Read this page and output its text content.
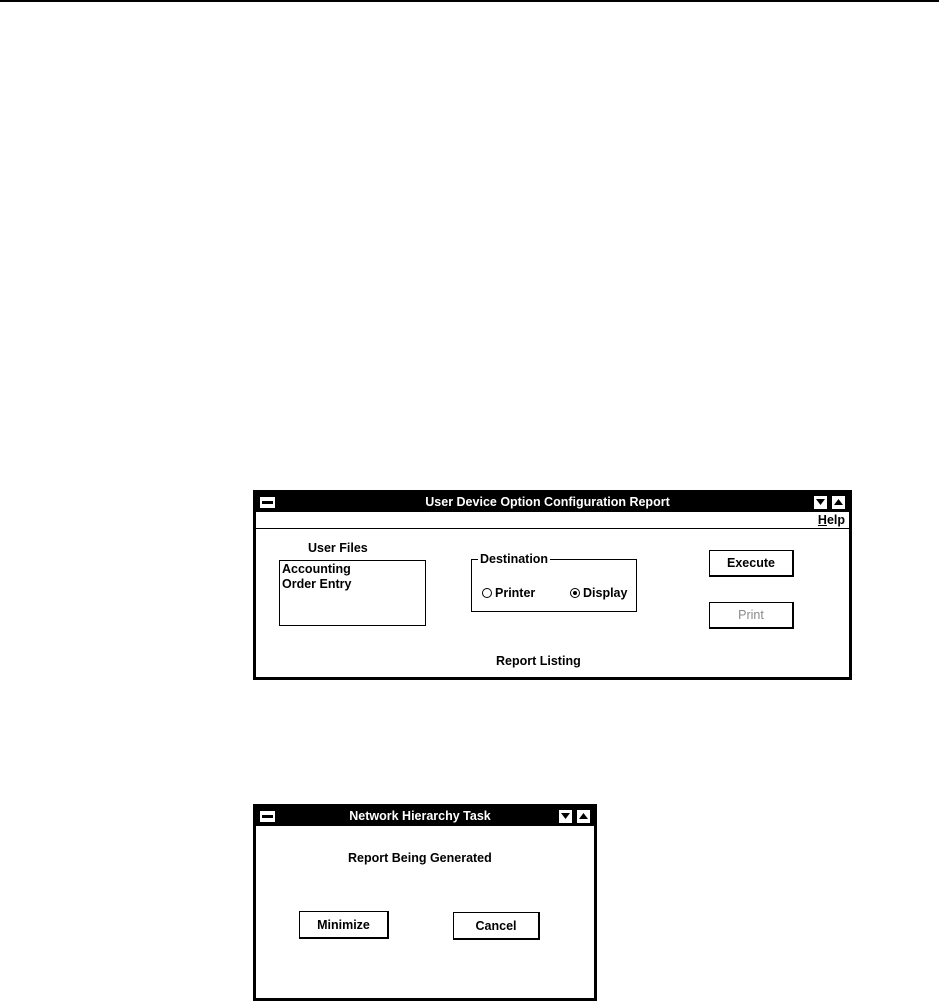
User Device Option Configuration Report
Help
User Files
Accounting
Order Entry
Destination
Printer	Display
Execute
Print
Report Listing
Network Hierarchy Task
Report Being Generated
Minimize	Cancel
